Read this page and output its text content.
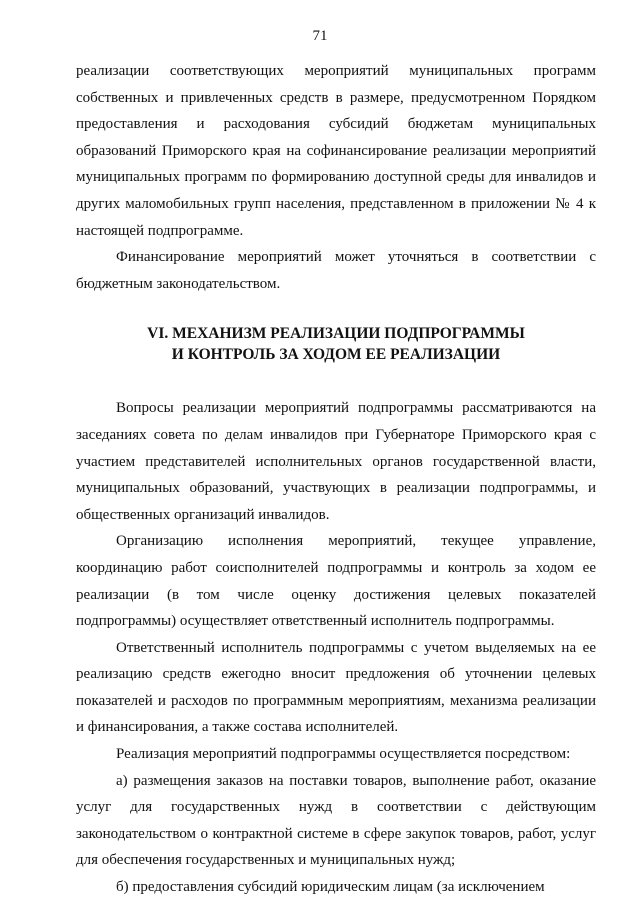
71

реализации соответствующих мероприятий муниципальных программ собственных и привлеченных средств в размере, предусмотренном Порядком предоставления и расходования субсидий бюджетам муниципальных образований Приморского края на софинансирование реализации мероприятий муниципальных программ по формированию доступной среды для инвалидов и других маломобильных групп населения, представленном в приложении № 4 к настоящей подпрограмме.

Финансирование мероприятий может уточняться в соответствии с бюджетным законодательством.

VI. МЕХАНИЗМ РЕАЛИЗАЦИИ ПОДПРОГРАММЫ
И КОНТРОЛЬ ЗА ХОДОМ ЕЕ РЕАЛИЗАЦИИ

Вопросы реализации мероприятий подпрограммы рассматриваются на заседаниях совета по делам инвалидов при Губернаторе Приморского края с участием представителей исполнительных органов государственной власти, муниципальных образований, участвующих в реализации подпрограммы, и общественных организаций инвалидов.

Организацию исполнения мероприятий, текущее управление, координацию работ соисполнителей подпрограммы и контроль за ходом ее реализации (в том числе оценку достижения целевых показателей подпрограммы) осуществляет ответственный исполнитель подпрограммы.

Ответственный исполнитель подпрограммы с учетом выделяемых на ее реализацию средств ежегодно вносит предложения об уточнении целевых показателей и расходов по программным мероприятиям, механизма реализации и финансирования, а также состава исполнителей.

Реализация мероприятий подпрограммы осуществляется посредством:

а) размещения заказов на поставки товаров, выполнение работ, оказание услуг для государственных нужд в соответствии с действующим законодательством о контрактной системе в сфере закупок товаров, работ, услуг для обеспечения государственных и муниципальных нужд;

б) предоставления субсидий юридическим лицам (за исключением
